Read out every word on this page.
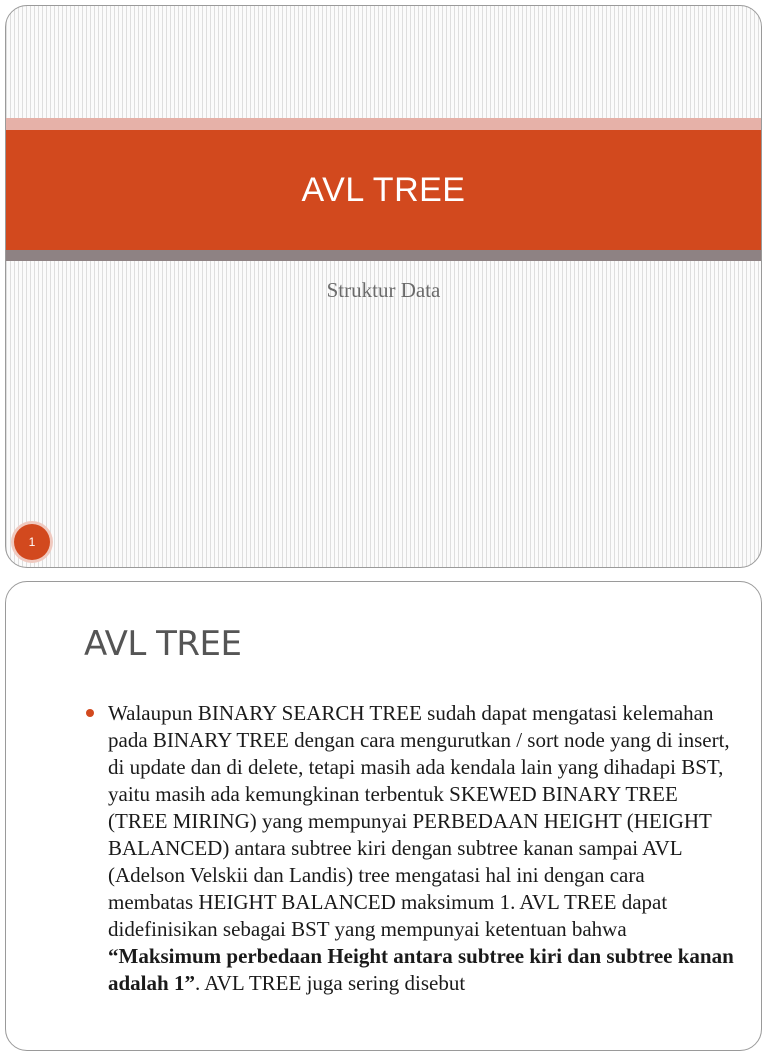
AVL TREE
Struktur Data
1
AVL TREE
Walaupun BINARY SEARCH TREE sudah dapat mengatasi kelemahan pada BINARY TREE dengan cara mengurutkan / sort node yang di insert, di update dan di delete, tetapi masih ada kendala lain yang dihadapi BST, yaitu masih ada kemungkinan terbentuk SKEWED BINARY TREE (TREE MIRING) yang mempunyai PERBEDAAN HEIGHT (HEIGHT BALANCED) antara subtree kiri dengan subtree kanan sampai AVL (Adelson Velskii dan Landis) tree mengatasi hal ini dengan cara membatas HEIGHT BALANCED maksimum 1. AVL TREE dapat didefinisikan sebagai BST yang mempunyai ketentuan bahwa “Maksimum perbedaan Height antara subtree kiri dan subtree kanan adalah 1”. AVL TREE juga sering disebut
